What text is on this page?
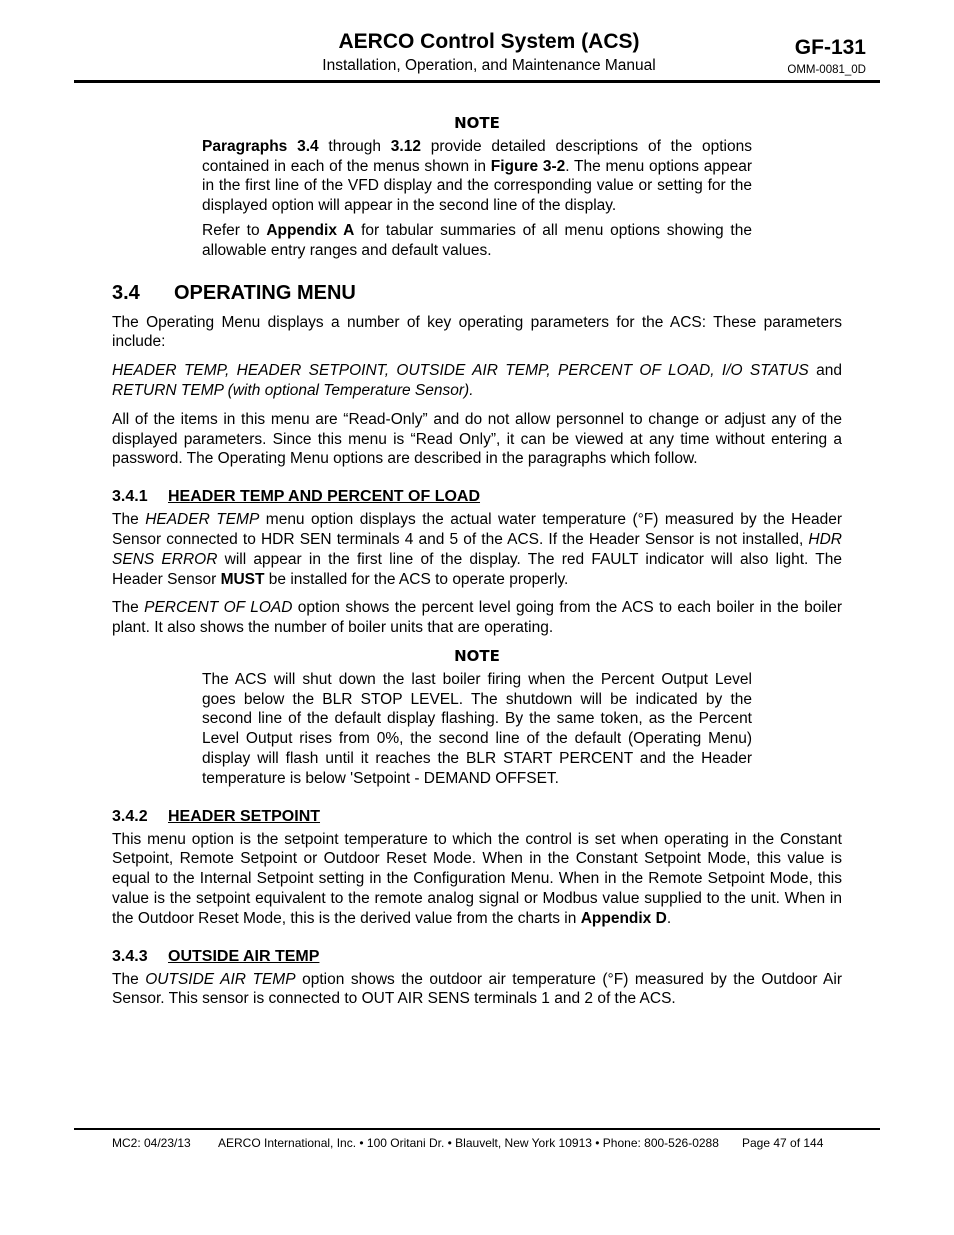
AERCO Control System (ACS)
Installation, Operation, and Maintenance Manual
GF-131
OMM-0081_0D
NOTE

Paragraphs 3.4 through 3.12 provide detailed descriptions of the options contained in each of the menus shown in Figure 3-2. The menu options appear in the first line of the VFD display and the corresponding value or setting for the displayed option will appear in the second line of the display.

Refer to Appendix A for tabular summaries of all menu options showing the allowable entry ranges and default values.

3.4 OPERATING MENU

The Operating Menu displays a number of key operating parameters for the ACS: These parameters include:

HEADER TEMP, HEADER SETPOINT, OUTSIDE AIR TEMP, PERCENT OF LOAD, I/O STATUS and RETURN TEMP (with optional Temperature Sensor).

All of the items in this menu are “Read-Only” and do not allow personnel to change or adjust any of the displayed parameters. Since this menu is “Read Only”, it can be viewed at any time without entering a password. The Operating Menu options are described in the paragraphs which follow.

3.4.1 HEADER TEMP AND PERCENT OF LOAD

The HEADER TEMP menu option displays the actual water temperature (°F) measured by the Header Sensor connected to HDR SEN terminals 4 and 5 of the ACS. If the Header Sensor is not installed, HDR SENS ERROR will appear in the first line of the display. The red FAULT indicator will also light. The Header Sensor MUST be installed for the ACS to operate properly.

The PERCENT OF LOAD option shows the percent level going from the ACS to each boiler in the boiler plant. It also shows the number of boiler units that are operating.

NOTE

The ACS will shut down the last boiler firing when the Percent Output Level goes below the BLR STOP LEVEL. The shutdown will be indicated by the second line of the default display flashing. By the same token, as the Percent Level Output rises from 0%, the second line of the default (Operating Menu) display will flash until it reaches the BLR START PERCENT and the Header temperature is below 'Setpoint - DEMAND OFFSET.

3.4.2 HEADER SETPOINT

This menu option is the setpoint temperature to which the control is set when operating in the Constant Setpoint, Remote Setpoint or Outdoor Reset Mode. When in the Constant Setpoint Mode, this value is equal to the Internal Setpoint setting in the Configuration Menu. When in the Remote Setpoint Mode, this value is the setpoint equivalent to the remote analog signal or Modbus value supplied to the unit. When in the Outdoor Reset Mode, this is the derived value from the charts in Appendix D.

3.4.3 OUTSIDE AIR TEMP

The OUTSIDE AIR TEMP option shows the outdoor air temperature (°F) measured by the Outdoor Air Sensor. This sensor is connected to OUT AIR SENS terminals 1 and 2 of the ACS.

MC2: 04/23/13 AERCO International, Inc. • 100 Oritani Dr. • Blauvelt, New York 10913 • Phone: 800-526-0288 Page 47 of 144
